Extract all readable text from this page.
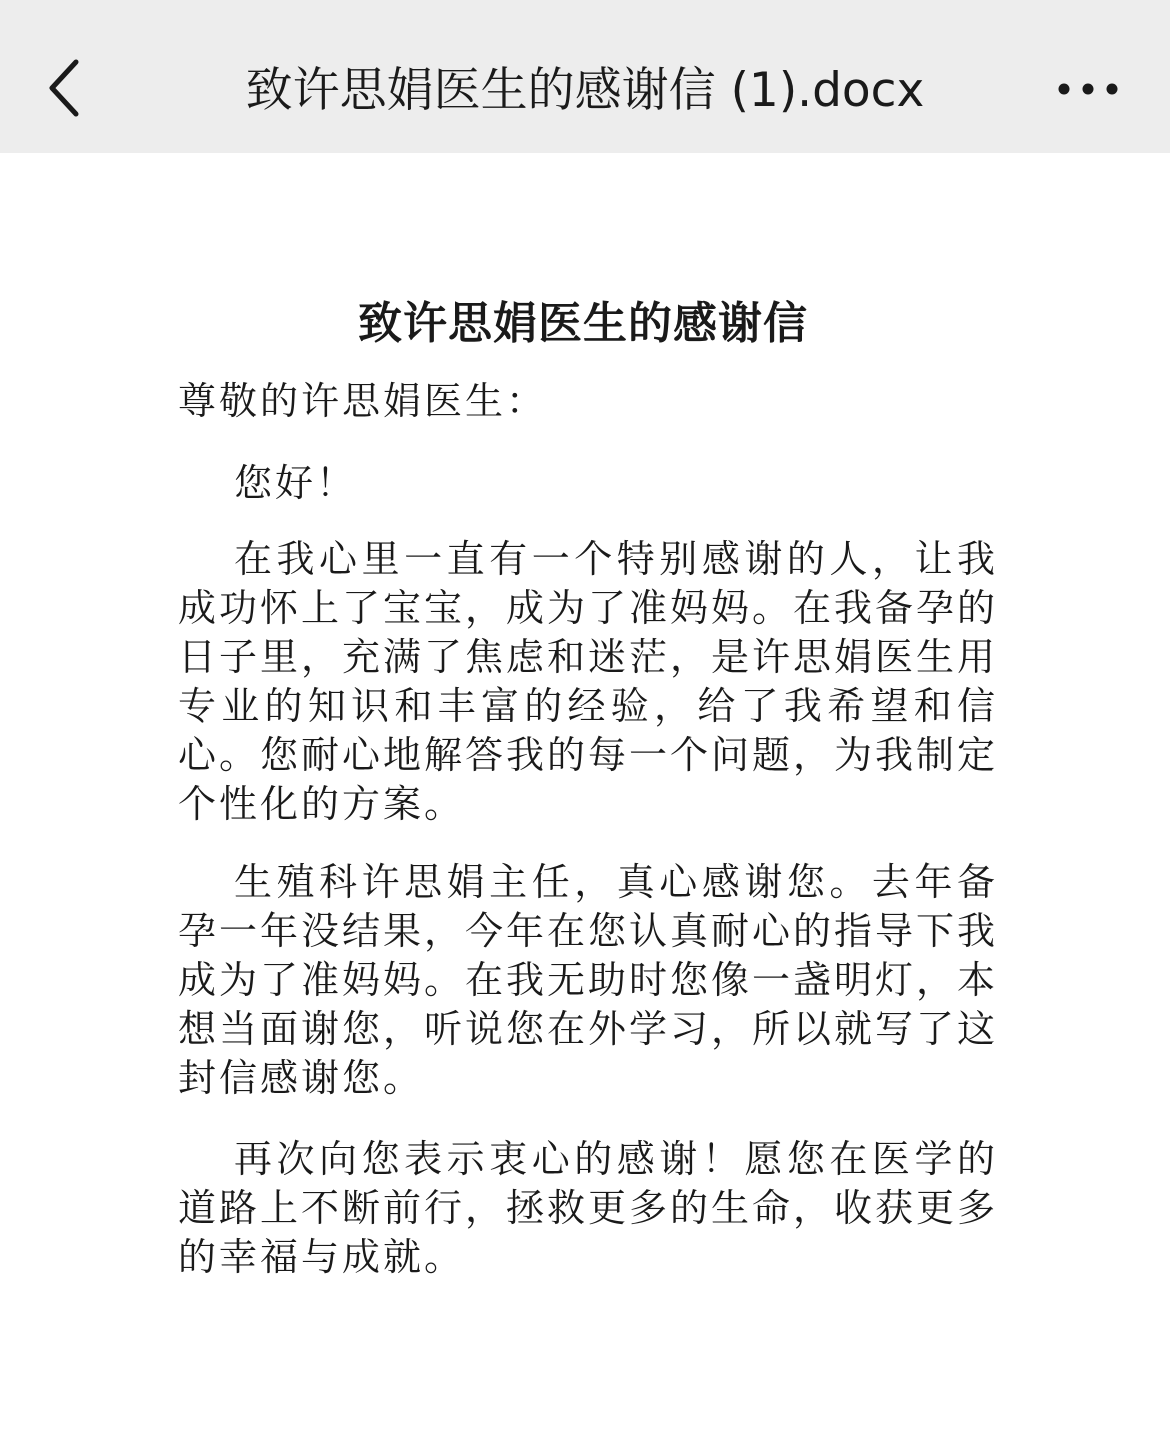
致许思娟医生的感谢信 (1).docx
致许思娟医生的感谢信

尊敬的许思娟医生：

您好！

在我心里一直有一个特别感谢的人，让我成功怀上了宝宝，成为了准妈妈。在我备孕的日子里，充满了焦虑和迷茫，是许思娟医生用专业的知识和丰富的经验，给了我希望和信心。您耐心地解答我的每一个问题，为我制定个性化的方案。

生殖科许思娟主任，真心感谢您。去年备孕一年没结果，今年在您认真耐心的指导下我成为了准妈妈。在我无助时您像一盏明灯，本想当面谢您，听说您在外学习，所以就写了这封信感谢您。

再次向您表示衷心的感谢！愿您在医学的道路上不断前行，拯救更多的生命，收获更多的幸福与成就。
